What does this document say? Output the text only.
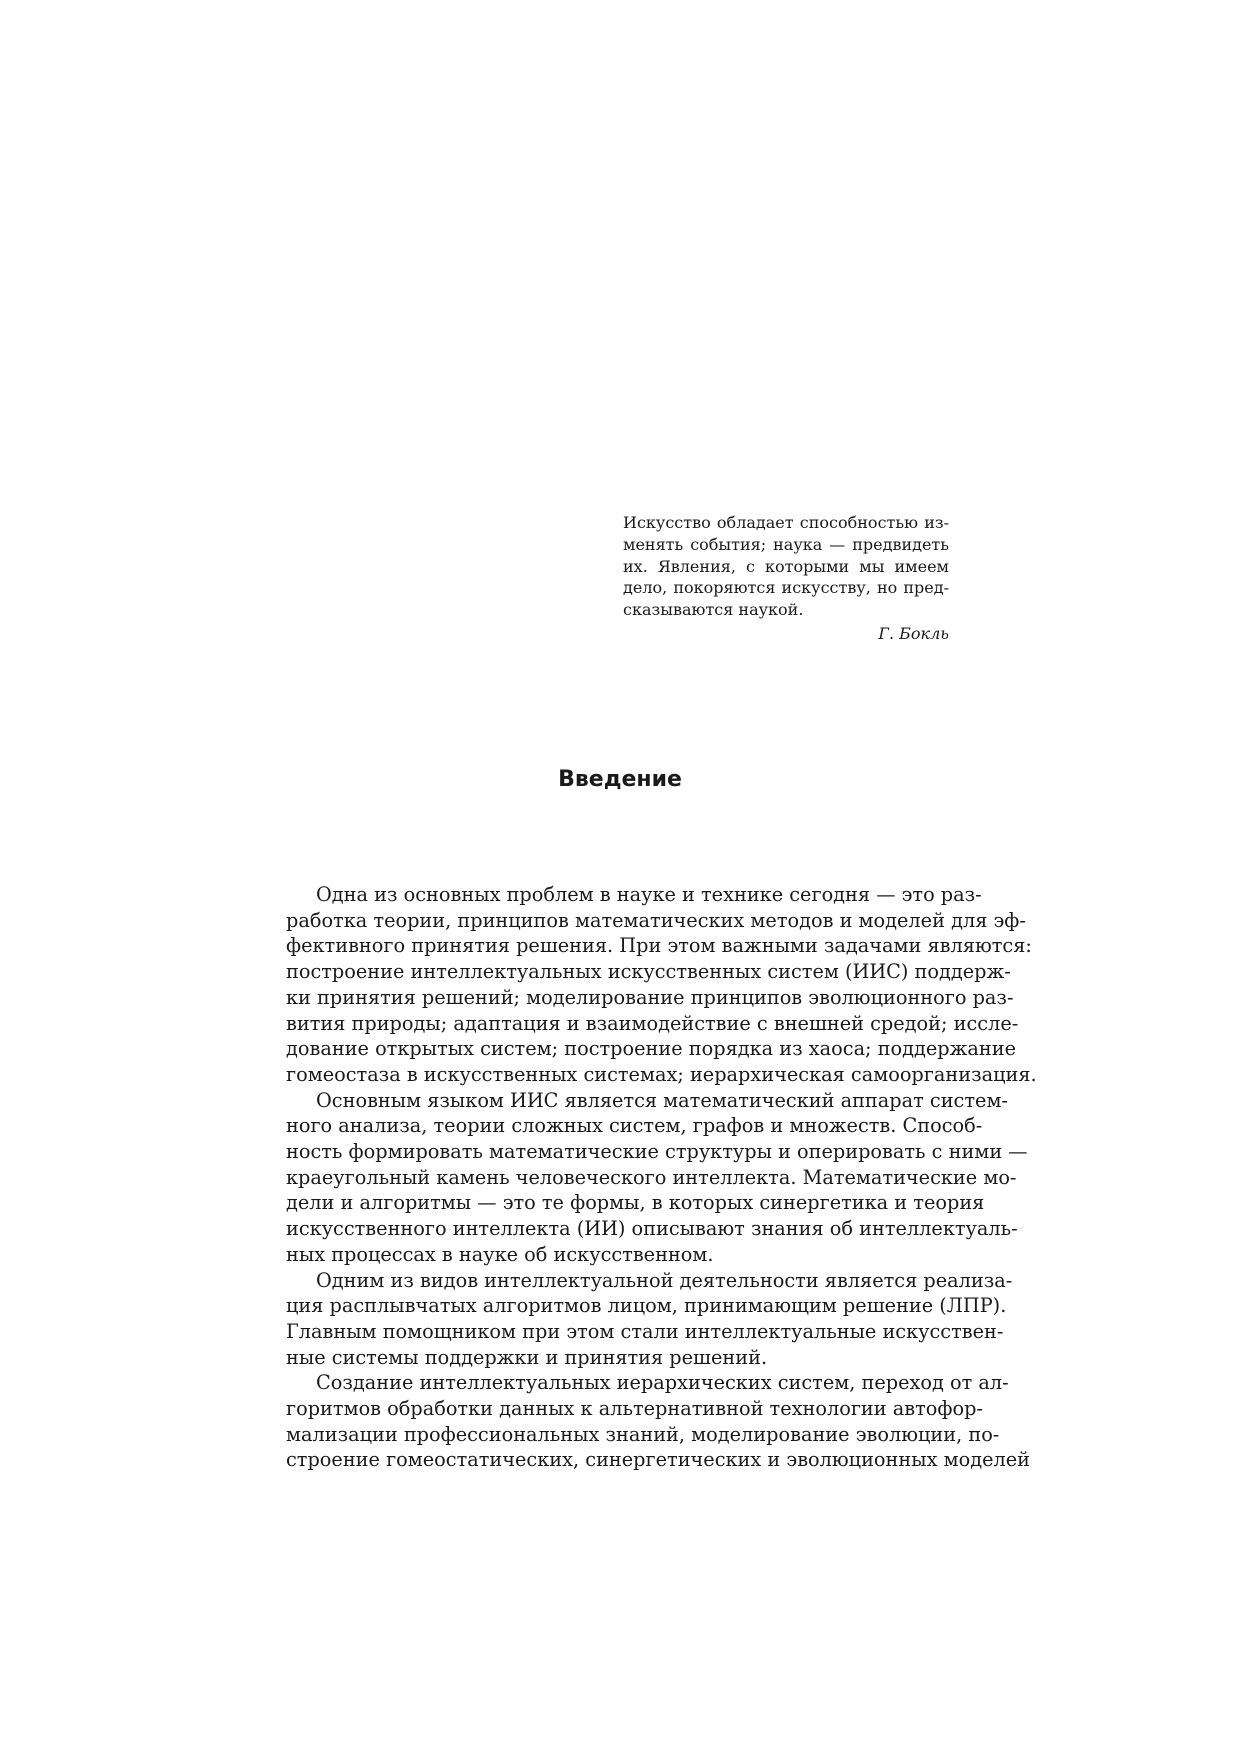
Искусство обладает способностью из-
менять события; наука — предвидеть
их. Явления, с которыми мы имеем
дело, покоряются искусству, но пред-
сказываются наукой.
Г. Бокль
Введение
Одна из основных проблем в науке и технике сегодня — это раз-
работка теории, принципов математических методов и моделей для эф-
фективного принятия решения. При этом важными задачами являются:
построение интеллектуальных искусственных систем (ИИС) поддерж-
ки принятия решений; моделирование принципов эволюционного раз-
вития природы; адаптация и взаимодействие с внешней средой; иссле-
дование открытых систем; построение порядка из хаоса; поддержание
гомеостаза в искусственных системах; иерархическая самоорганизация.
Основным языком ИИС является математический аппарат систем-
ного анализа, теории сложных систем, графов и множеств. Способ-
ность формировать математические структуры и оперировать с ними —
краеугольный камень человеческого интеллекта. Математические мо-
дели и алгоритмы — это те формы, в которых синергетика и теория
искусственного интеллекта (ИИ) описывают знания об интеллектуаль-
ных процессах в науке об искусственном.
Одним из видов интеллектуальной деятельности является реализа-
ция расплывчатых алгоритмов лицом, принимающим решение (ЛПР).
Главным помощником при этом стали интеллектуальные искусствен-
ные системы поддержки и принятия решений.
Создание интеллектуальных иерархических систем, переход от ал-
горитмов обработки данных к альтернативной технологии автофор-
мализации профессиональных знаний, моделирование эволюции, по-
строение гомеостатических, синергетических и эволюционных моделей
